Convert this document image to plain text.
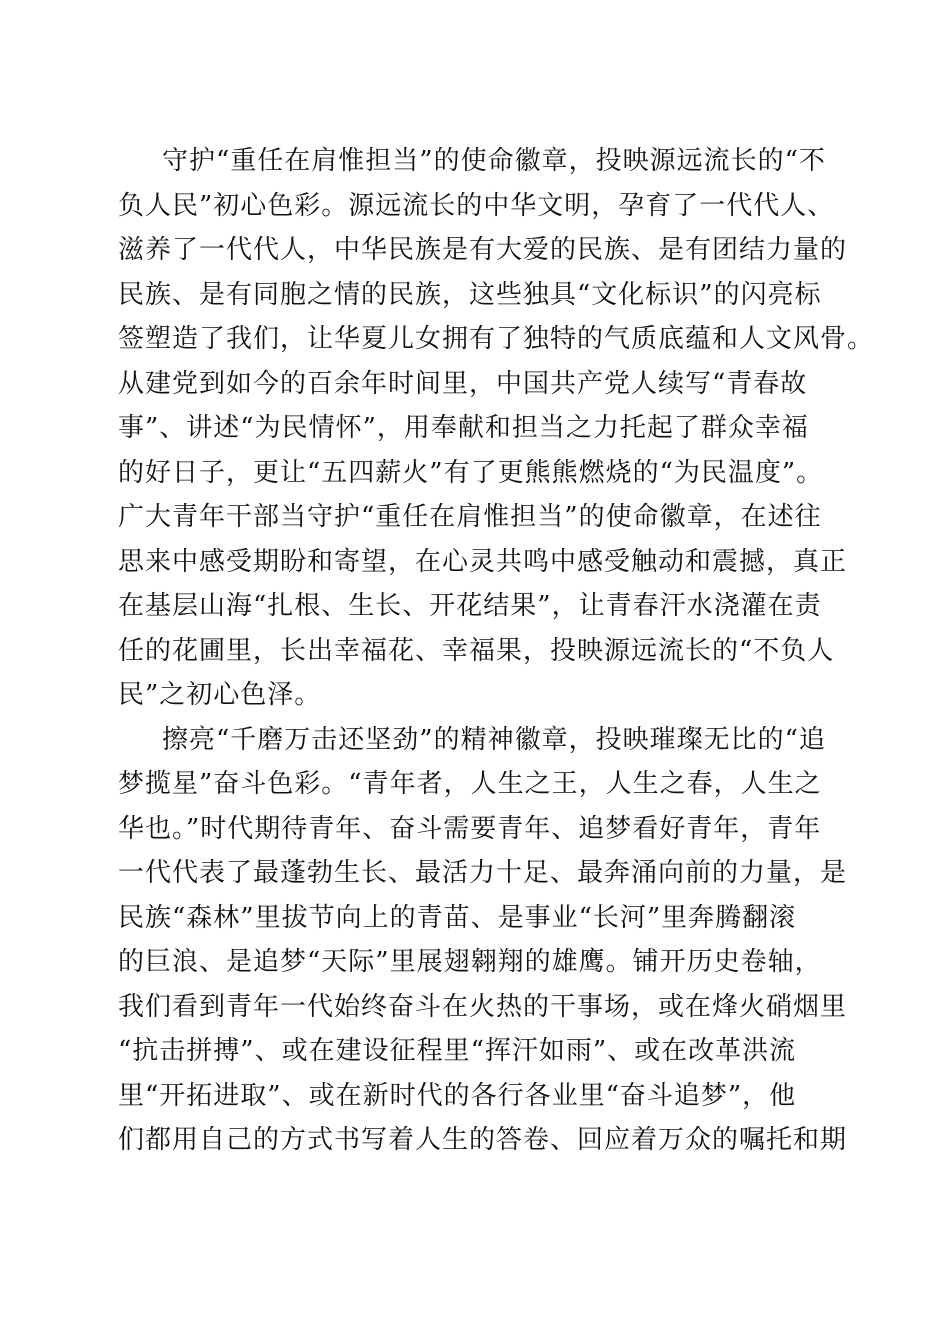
守护“重任在肩惟担当”的使命徽章，投映源远流长的“不
负人民”初心色彩。源远流长的中华文明，孕育了一代代人、
滋养了一代代人，中华民族是有大爱的民族、是有团结力量的
民族、是有同胞之情的民族，这些独具“文化标识”的闪亮标
签塑造了我们，让华夏儿女拥有了独特的气质底蕴和人文风骨。
从建党到如今的百余年时间里，中国共产党人续写“青春故
事”、讲述“为民情怀”，用奉献和担当之力托起了群众幸福
的好日子，更让“五四薪火”有了更熊熊燃烧的“为民温度”。
广大青年干部当守护“重任在肩惟担当”的使命徽章，在述往
思来中感受期盼和寄望，在心灵共鸣中感受触动和震撼，真正
在基层山海“扎根、生长、开花结果”，让青春汗水浇灌在责
任的花圃里，长出幸福花、幸福果，投映源远流长的“不负人
民”之初心色泽。
擦亮“千磨万击还坚劲”的精神徽章，投映璀璨无比的“追
梦揽星”奋斗色彩。“青年者，人生之王，人生之春，人生之
华也。”时代期待青年、奋斗需要青年、追梦看好青年，青年
一代代表了最蓬勃生长、最活力十足、最奔涌向前的力量，是
民族“森林”里拔节向上的青苗、是事业“长河”里奔腾翻滚
的巨浪、是追梦“天际”里展翅翱翔的雄鹰。铺开历史卷轴，
我们看到青年一代始终奋斗在火热的干事场，或在烽火硝烟里
“抗击拼搏”、或在建设征程里“挥汗如雨”、或在改革洪流
里“开拓进取”、或在新时代的各行各业里“奋斗追梦”，他
们都用自己的方式书写着人生的答卷、回应着万众的嘱托和期
